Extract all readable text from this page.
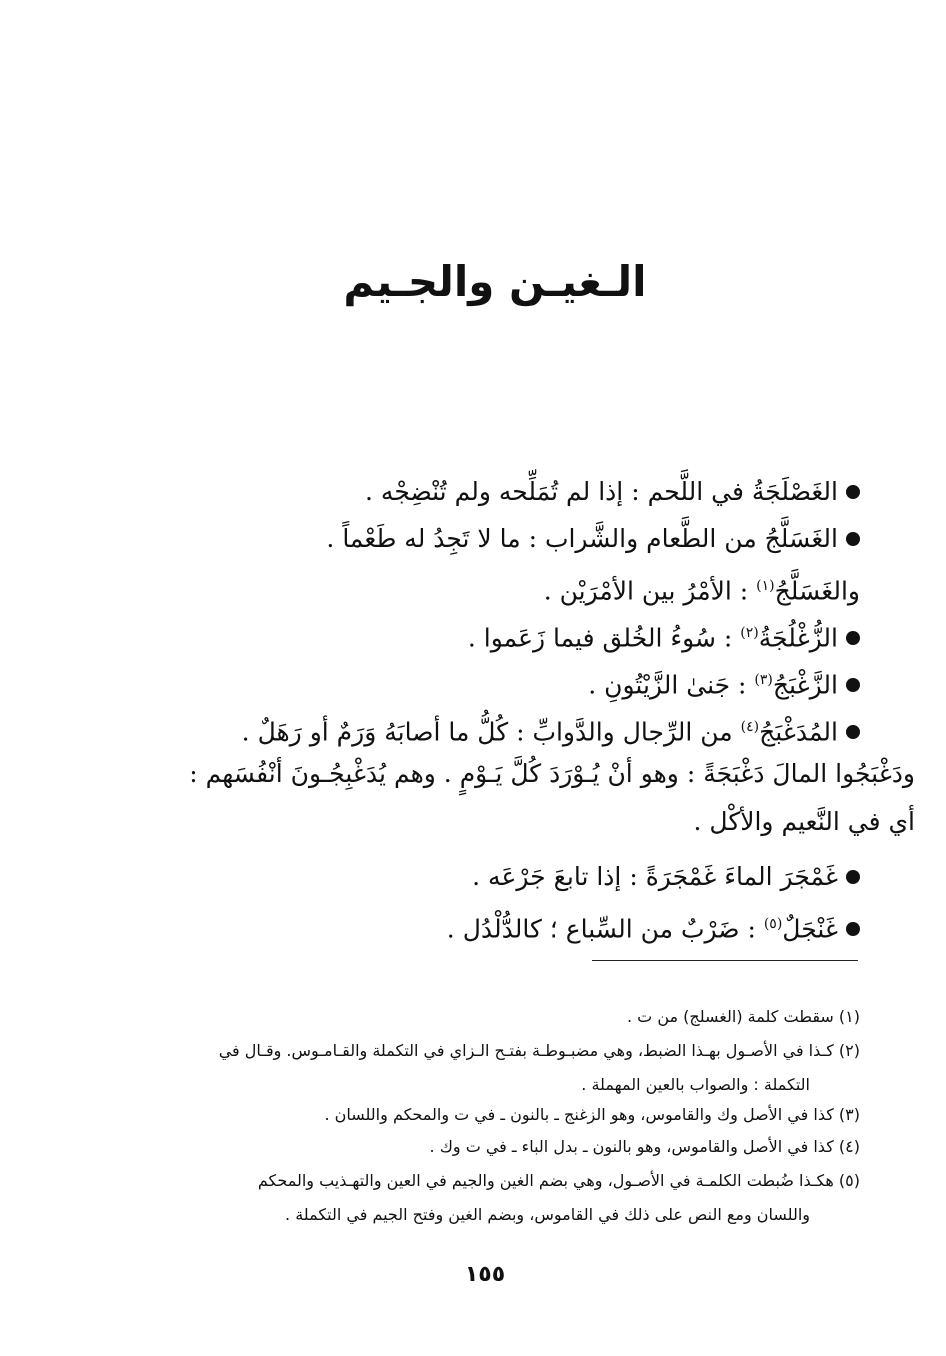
الـغيـن والجـيم
الغَصْلَجَةُ في اللَّحم : إذا لم تُمَلِّحه ولم تُنْضِجْه .
الغَسَلَّجُ من الطَّعام والشَّراب : ما لا تَجِدُ له طَعْماً .
والغَسَلَّجُ$^{(١)}$ : الأمْرُ بين الأمْرَيْن .
الزُّغْلُجَةُ$^{(٢)}$ : سُوءُ الخُلق فيما زَعَموا .
الزَّغْبَجُ$^{(٣)}$ : جَنىٰ الزَّيْتُونِ .
المُدَغْبَجُ$^{(٤)}$ من الرِّجال والدَّوابِّ : كُلُّ ما أصابَهُ وَرَمٌ أو رَهَلٌ .
ودَغْبَجُوا المالَ دَغْبَجَةً : وهو أنْ يُـوْرَدَ كُلَّ يَـوْمٍ . وهم يُدَغْبِجُـونَ أنْفُسَهم :
أي في النَّعيم والأكْل .
غَمْجَرَ الماءَ غَمْجَرَةً : إذا تابعَ جَرْعَه .
غَنْجَلٌ$^{(٥)}$ : ضَرْبٌ من السِّباع ؛ كالدُّلْدُل .
(١) سقطت كلمة (الغسلج) من ت .
(٢) كـذا في الأصـول بهـذا الضبط، وهي مضبـوطـة بفتـح الـزاي في التكملة والقـامـوس. وقـال في
التكملة : والصواب بالعين المهملة .
(٣) كذا في الأصل وك والقاموس، وهو الزغنج ـ بالنون ـ في ت والمحكم واللسان .
(٤) كذا في الأصل والقاموس، وهو بالنون ـ بدل الباء ـ في ت وك .
(٥) هكـذا ضُبطت الكلمـة في الأصـول، وهي بضم الغين والجيم في العين والتهـذيب والمحكم
واللسان ومع النص على ذلك في القاموس، وبضم الغين وفتح الجيم في التكملة .
١٥٥
